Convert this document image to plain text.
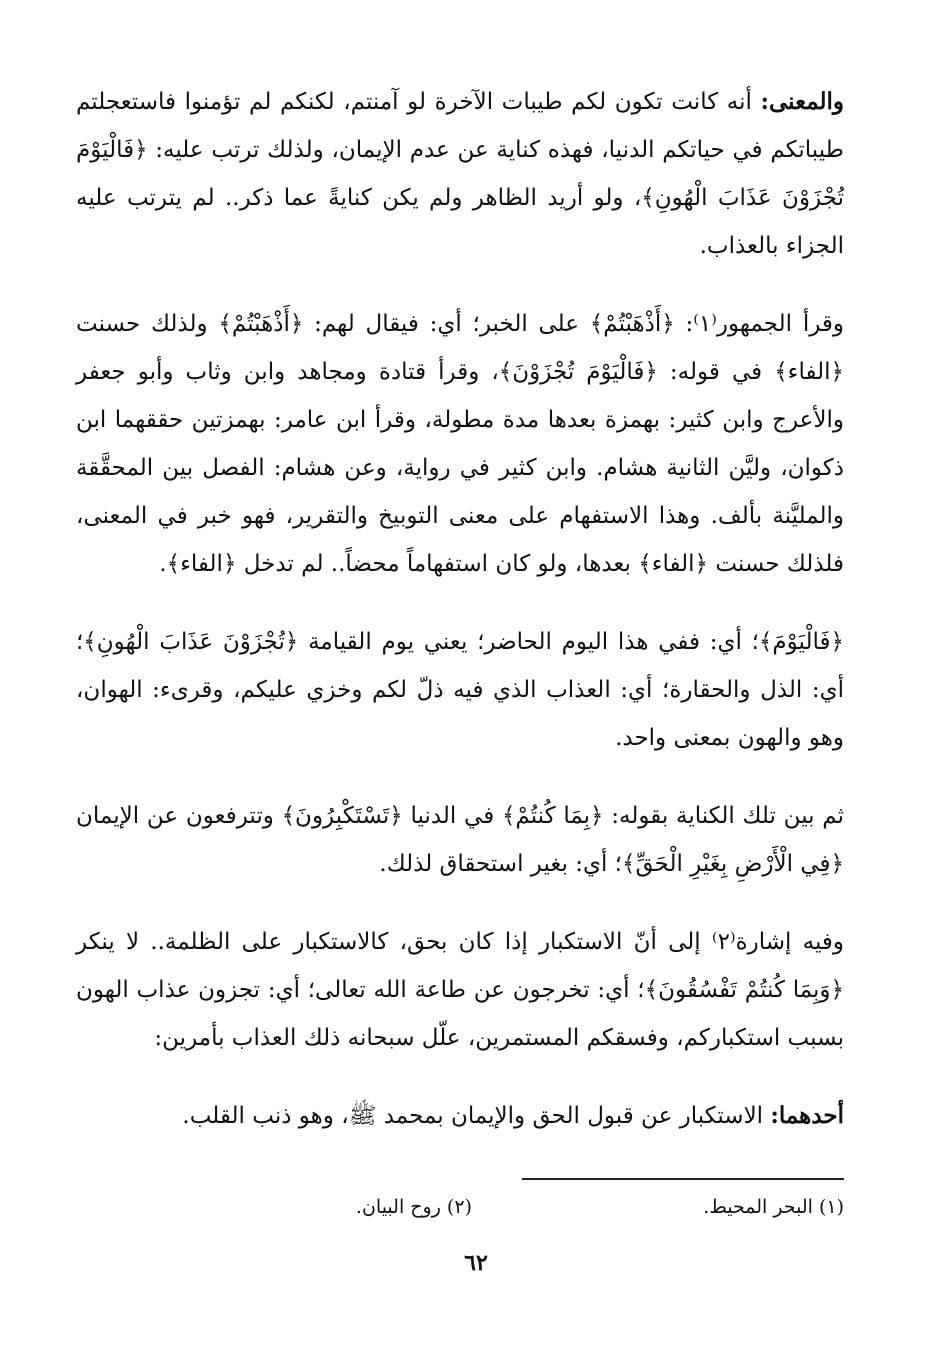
والمعنى: أنه كانت تكون لكم طيبات الآخرة لو آمنتم، لكنكم لم تؤمنوا فاستعجلتم طيباتكم في حياتكم الدنيا، فهذه كناية عن عدم الإيمان، ولذلك ترتب عليه: ﴿فَالْيَوْمَ تُجْزَوْنَ عَذَابَ الْهُونِ﴾، ولو أريد الظاهر ولم يكن كنايةً عما ذكر.. لم يترتب عليه الجزاء بالعذاب.

وقرأ الجمهور⁽١⁾: ﴿أَذْهَبْتُمْ﴾ على الخبر؛ أي: فيقال لهم: ﴿أَذْهَبْتُمْ﴾ ولذلك حسنت ﴿الفاء﴾ في قوله: ﴿فَالْيَوْمَ تُجْزَوْنَ﴾، وقرأ قتادة ومجاهد وابن وثاب وأبو جعفر والأعرج وابن كثير: بهمزة بعدها مدة مطولة، وقرأ ابن عامر: بهمزتين حققهما ابن ذكوان، وليَّن الثانية هشام. وابن كثير في رواية، وعن هشام: الفصل بين المحقَّقة والمليَّنة بألف. وهذا الاستفهام على معنى التوبيخ والتقرير، فهو خبر في المعنى، فلذلك حسنت ﴿الفاء﴾ بعدها، ولو كان استفهاماً محضاً.. لم تدخل ﴿الفاء﴾.

﴿فَالْيَوْمَ﴾؛ أي: ففي هذا اليوم الحاضر؛ يعني يوم القيامة ﴿تُجْزَوْنَ عَذَابَ الْهُونِ﴾؛ أي: الذل والحقارة؛ أي: العذاب الذي فيه ذلّ لكم وخزي عليكم، وقرىء: الهوان، وهو والهون بمعنى واحد.

ثم بين تلك الكناية بقوله: ﴿بِمَا كُنتُمْ﴾ في الدنيا ﴿تَسْتَكْبِرُونَ﴾ وتترفعون عن الإيمان ﴿فِي الْأَرْضِ بِغَيْرِ الْحَقِّ﴾؛ أي: بغير استحقاق لذلك.

وفيه إشارة⁽٢⁾ إلى أنّ الاستكبار إذا كان بحق، كالاستكبار على الظلمة.. لا ينكر ﴿وَبِمَا كُنتُمْ تَفْسُقُونَ﴾؛ أي: تخرجون عن طاعة الله تعالى؛ أي: تجزون عذاب الهون بسبب استكباركم، وفسقكم المستمرين، علّل سبحانه ذلك العذاب بأمرين:

أحدهما: الاستكبار عن قبول الحق والإيمان بمحمد ﷺ، وهو ذنب القلب.

(١) البحر المحيط.(٢) روح البيان.
٦٢
